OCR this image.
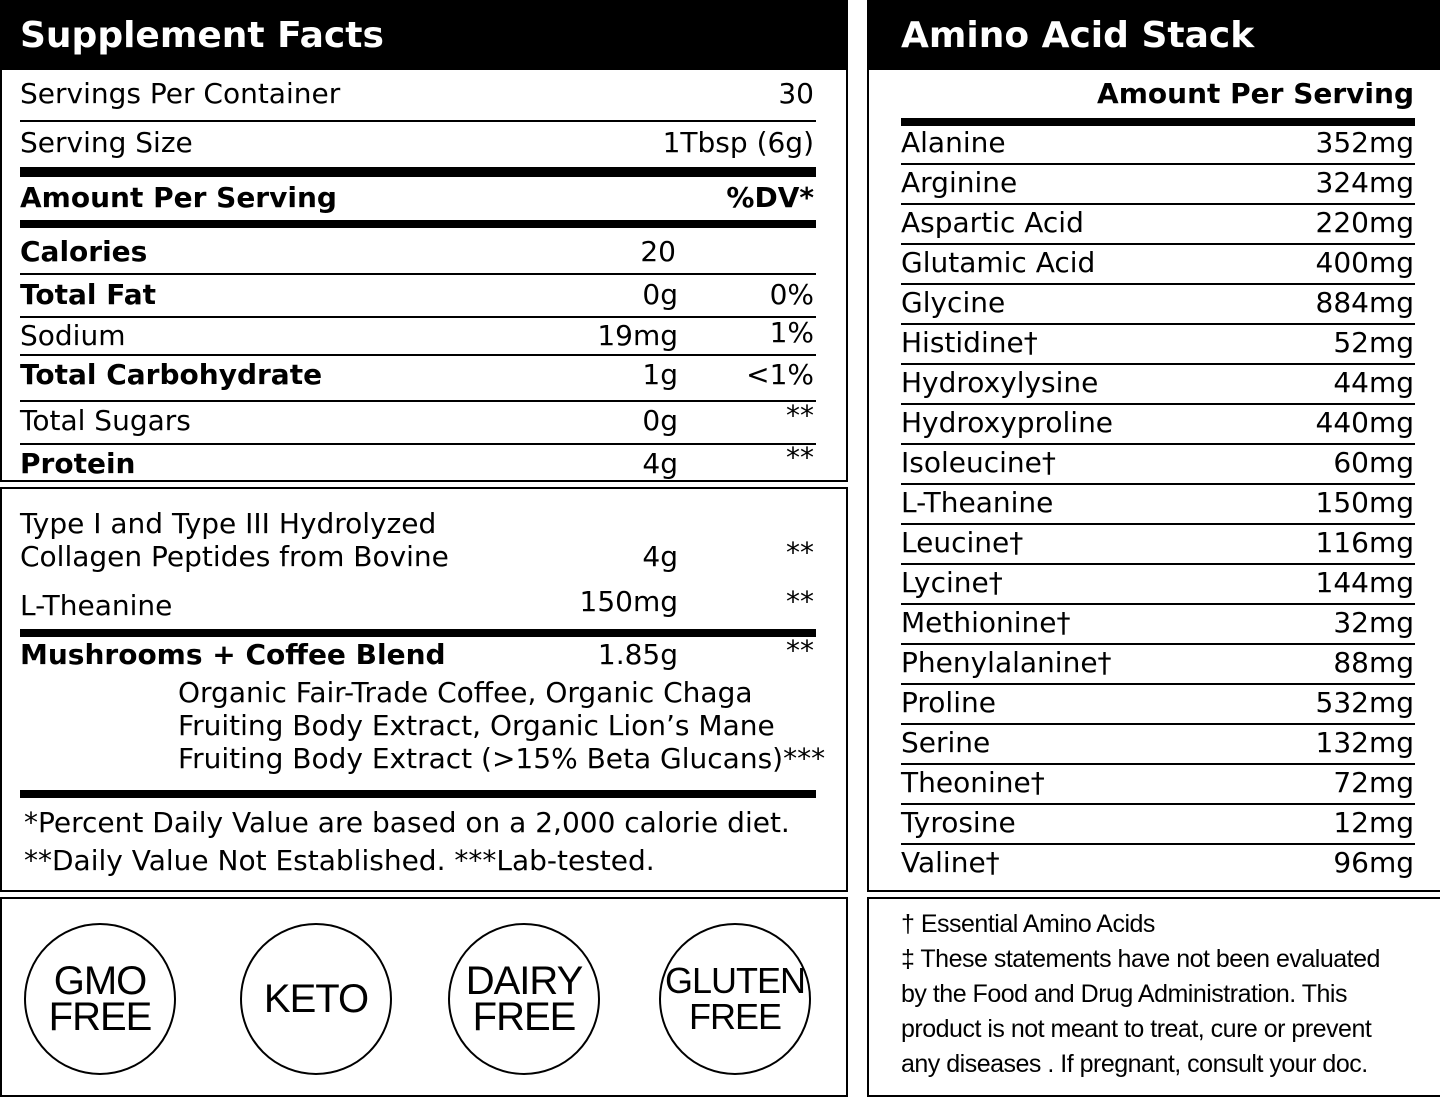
Supplement Facts
Servings Per Container	30
Serving Size	1Tbsp (6g)
Amount Per Serving	%DV*
Calories	20
Total Fat	0g	0%
Sodium	19mg	1%
Total Carbohydrate	1g <1%
Total Sugars	0g	**
Protein	4g	**
Type I and Type III Hydrolyzed
Collagen Peptides from Bovine	4g	**
L-Theanine	150mg	**
Mushrooms + Coffee Blend	1.85g	**
Organic Fair-Trade Coffee, Organic Chaga
Fruiting Body Extract, Organic Lion’s Mane
Fruiting Body Extract (>15% Beta Glucans)***
*Percent Daily Value are based on a 2,000 calorie diet.
**Daily Value Not Established. ***Lab-tested.
GMO
FREE	KETO DAIRY
FREE
GLUTEN
FREE
Amino Acid Stack
Amount Per Serving
Alanine	352mg
Arginine	324mg
Aspartic Acid	220mg
Glutamic Acid	400mg
Glycine	884mg
Histidine†	52mg
Hydroxylysine	44mg
Hydroxyproline	440mg
Isoleucine†	60mg
L-Theanine	150mg
Leucine†	116mg
Lycine†	144mg
Methionine†	32mg
Phenylalanine†	88mg
Proline	532mg
Serine	132mg
Theonine†	72mg
Tyrosine	12mg
Valine†	96mg
† Essential Amino Acids
‡ These statements have not been evaluated
by the Food and Drug Administration. This
product is not meant to treat, cure or prevent
any diseases . If pregnant, consult your doc.
